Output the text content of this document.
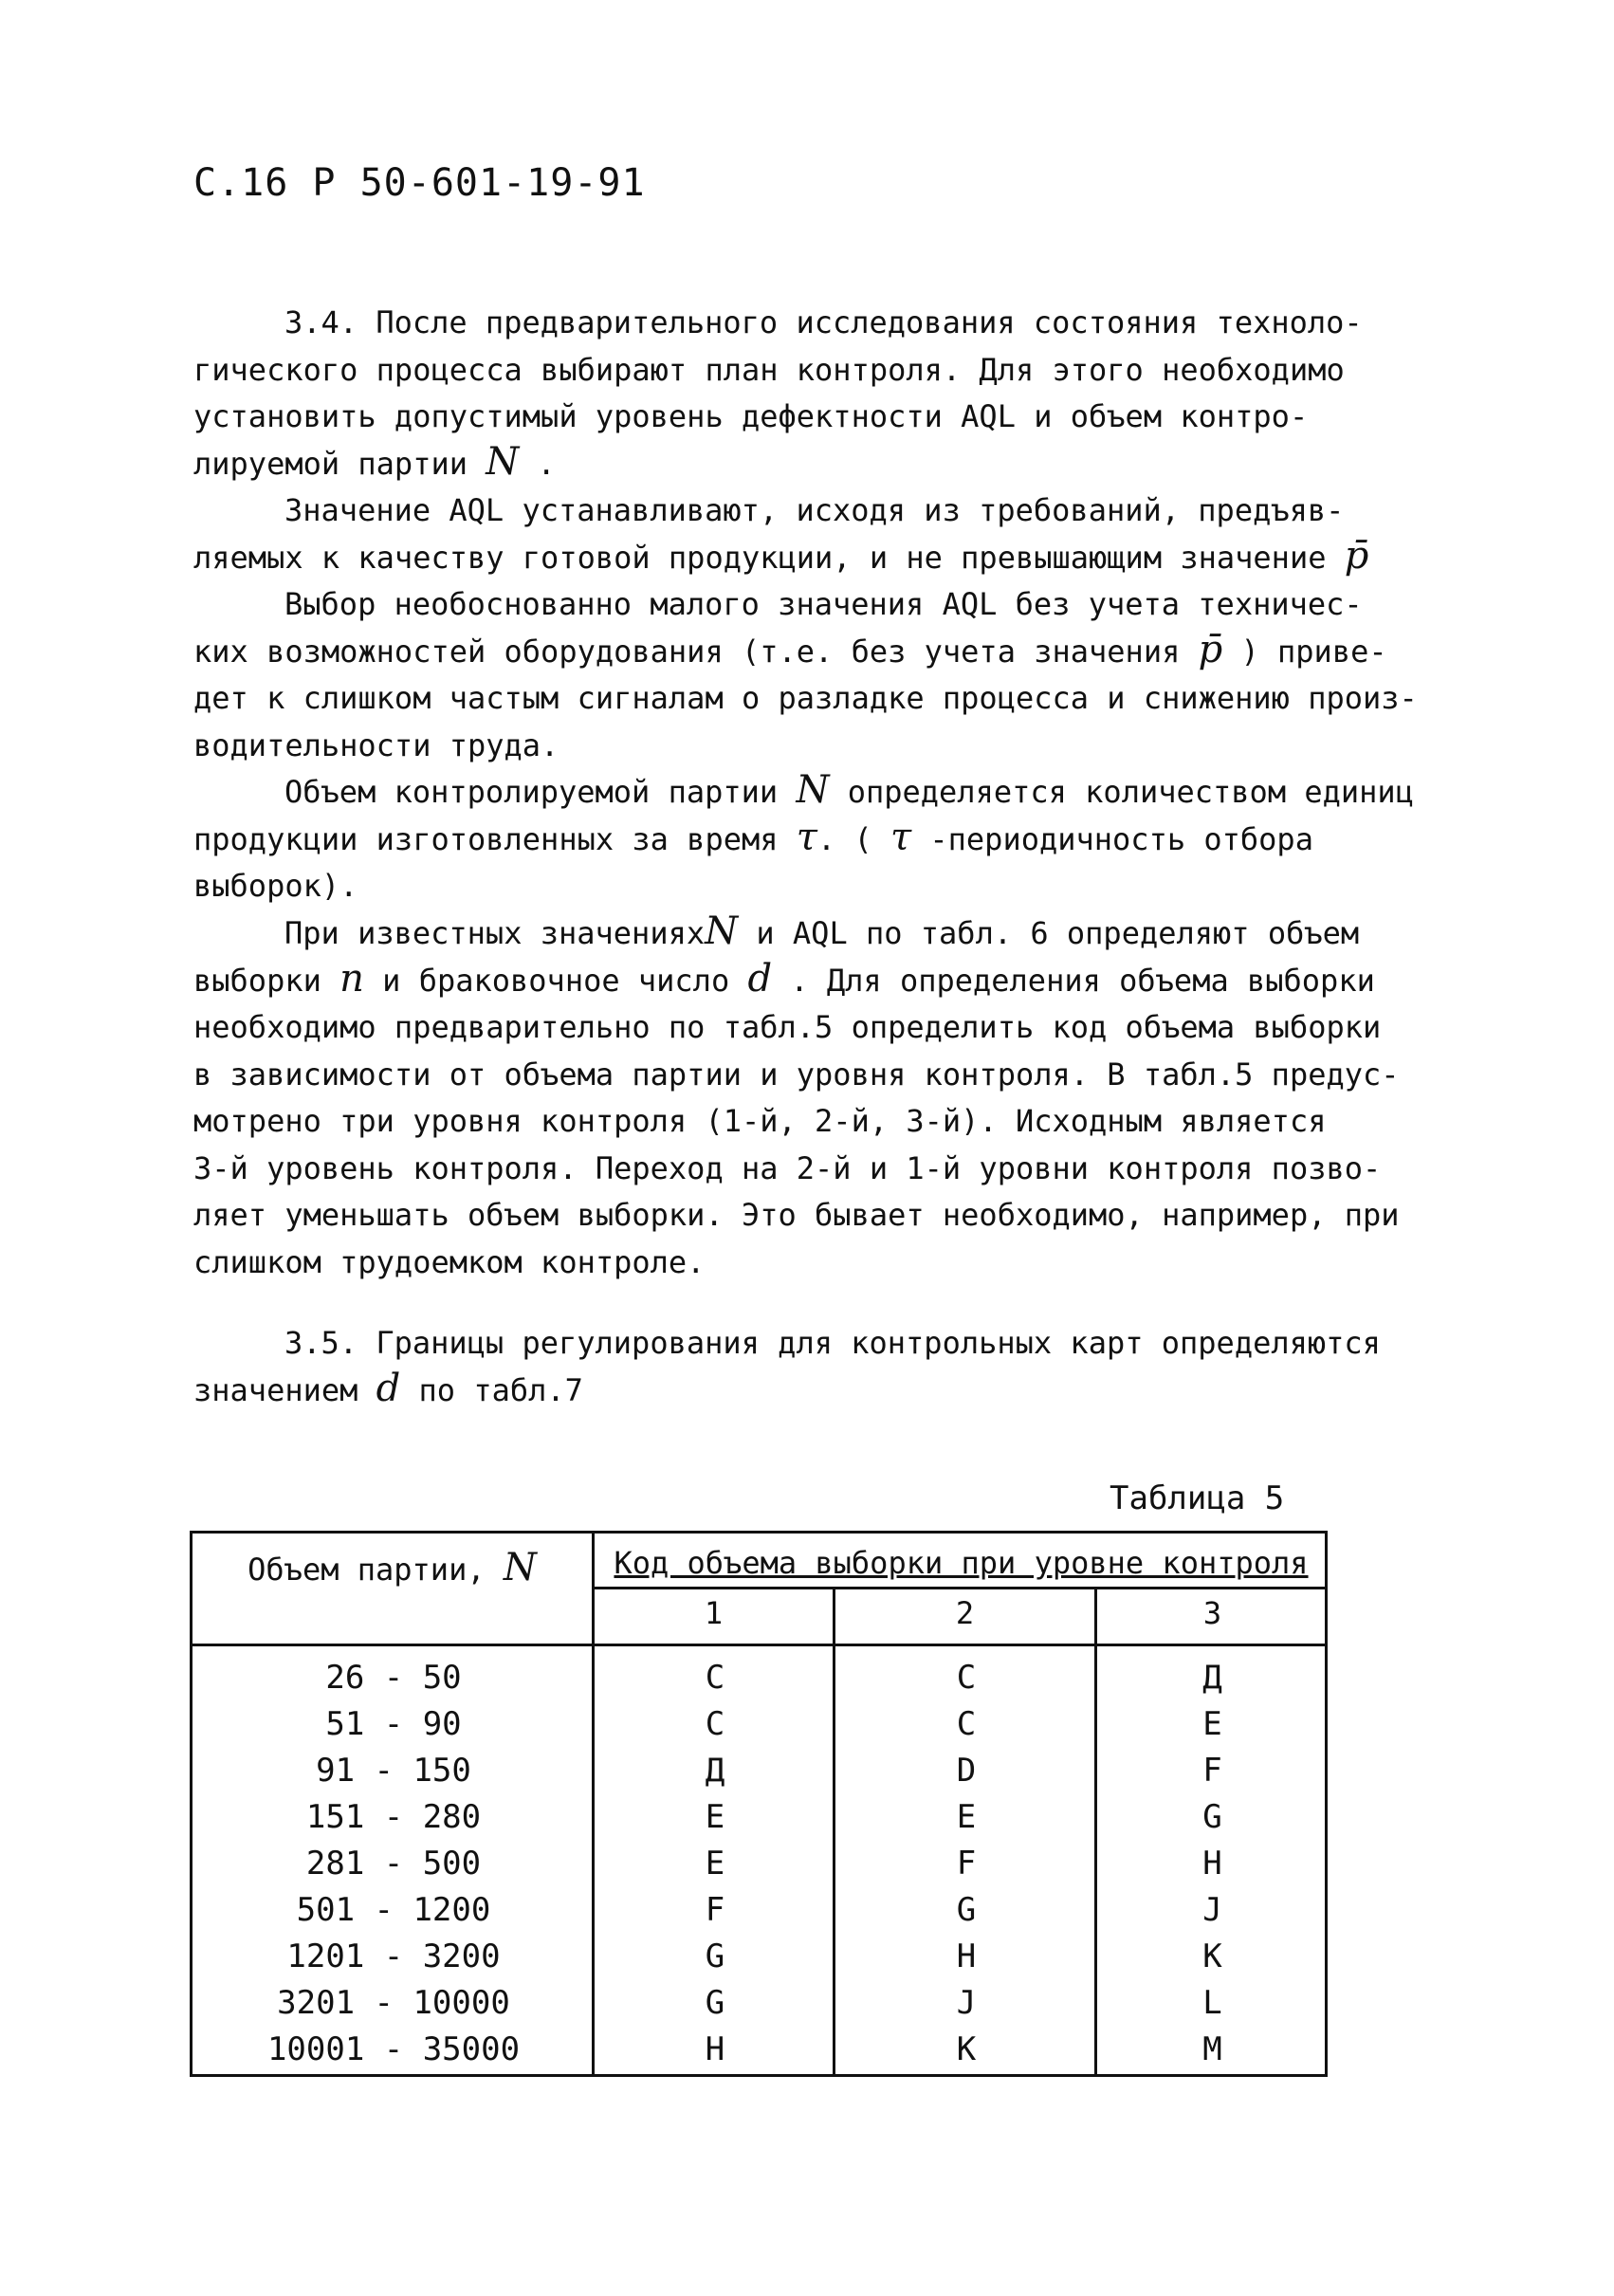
С.16 Р 50-601-19-91
3.4. После предварительного исследования состояния техноло-
гического процесса выбирают план контроля. Для этого необходимо
установить допустимый уровень дефектности AQL и объем контро-
лируемой партии N .
Значение AQL устанавливают, исходя из требований, предъяв-
ляемых к качеству готовой продукции, и не превышающим значение p̄
Выбор необоснованно малого значения AQL без учета техничес-
ких возможностей оборудования (т.е. без учета значения p̄ ) приве-
дет к слишком частым сигналам о разладке процесса и снижению произ-
водительности труда.
Объем контролируемой партии N определяется количеством единиц
продукции изготовленных за время τ. ( τ -периодичность отбора
выборок).
При известных значенияхN и AQL по табл. 6 определяют объем
выборки n и браковочное число d . Для определения объема выборки
необходимо предварительно по табл.5 определить код объема выборки
в зависимости от объема партии и уровня контроля. В табл.5 предус-
мотрено три уровня контроля (1-й, 2-й, 3-й). Исходным является
3-й уровень контроля. Переход на 2-й и 1-й уровни контроля позво-
ляет уменьшать объем выборки. Это бывает необходимо, например, при
слишком трудоемком контроле.
3.5. Границы регулирования для контрольных карт определяются
значением d по табл.7
Таблица 5
Объем партии, N	Код объема выборки при уровне контроля
1	2	3
26 - 50	C	C	Д
51 - 90	C	C	E
91 - 150	Д	D	F
151 - 280	E	E	G
281 - 500	E	F	H
501 - 1200	F	G	J
1201 - 3200	G	H	K
3201 - 10000	G	J	L
10001 - 35000	H	K	M
